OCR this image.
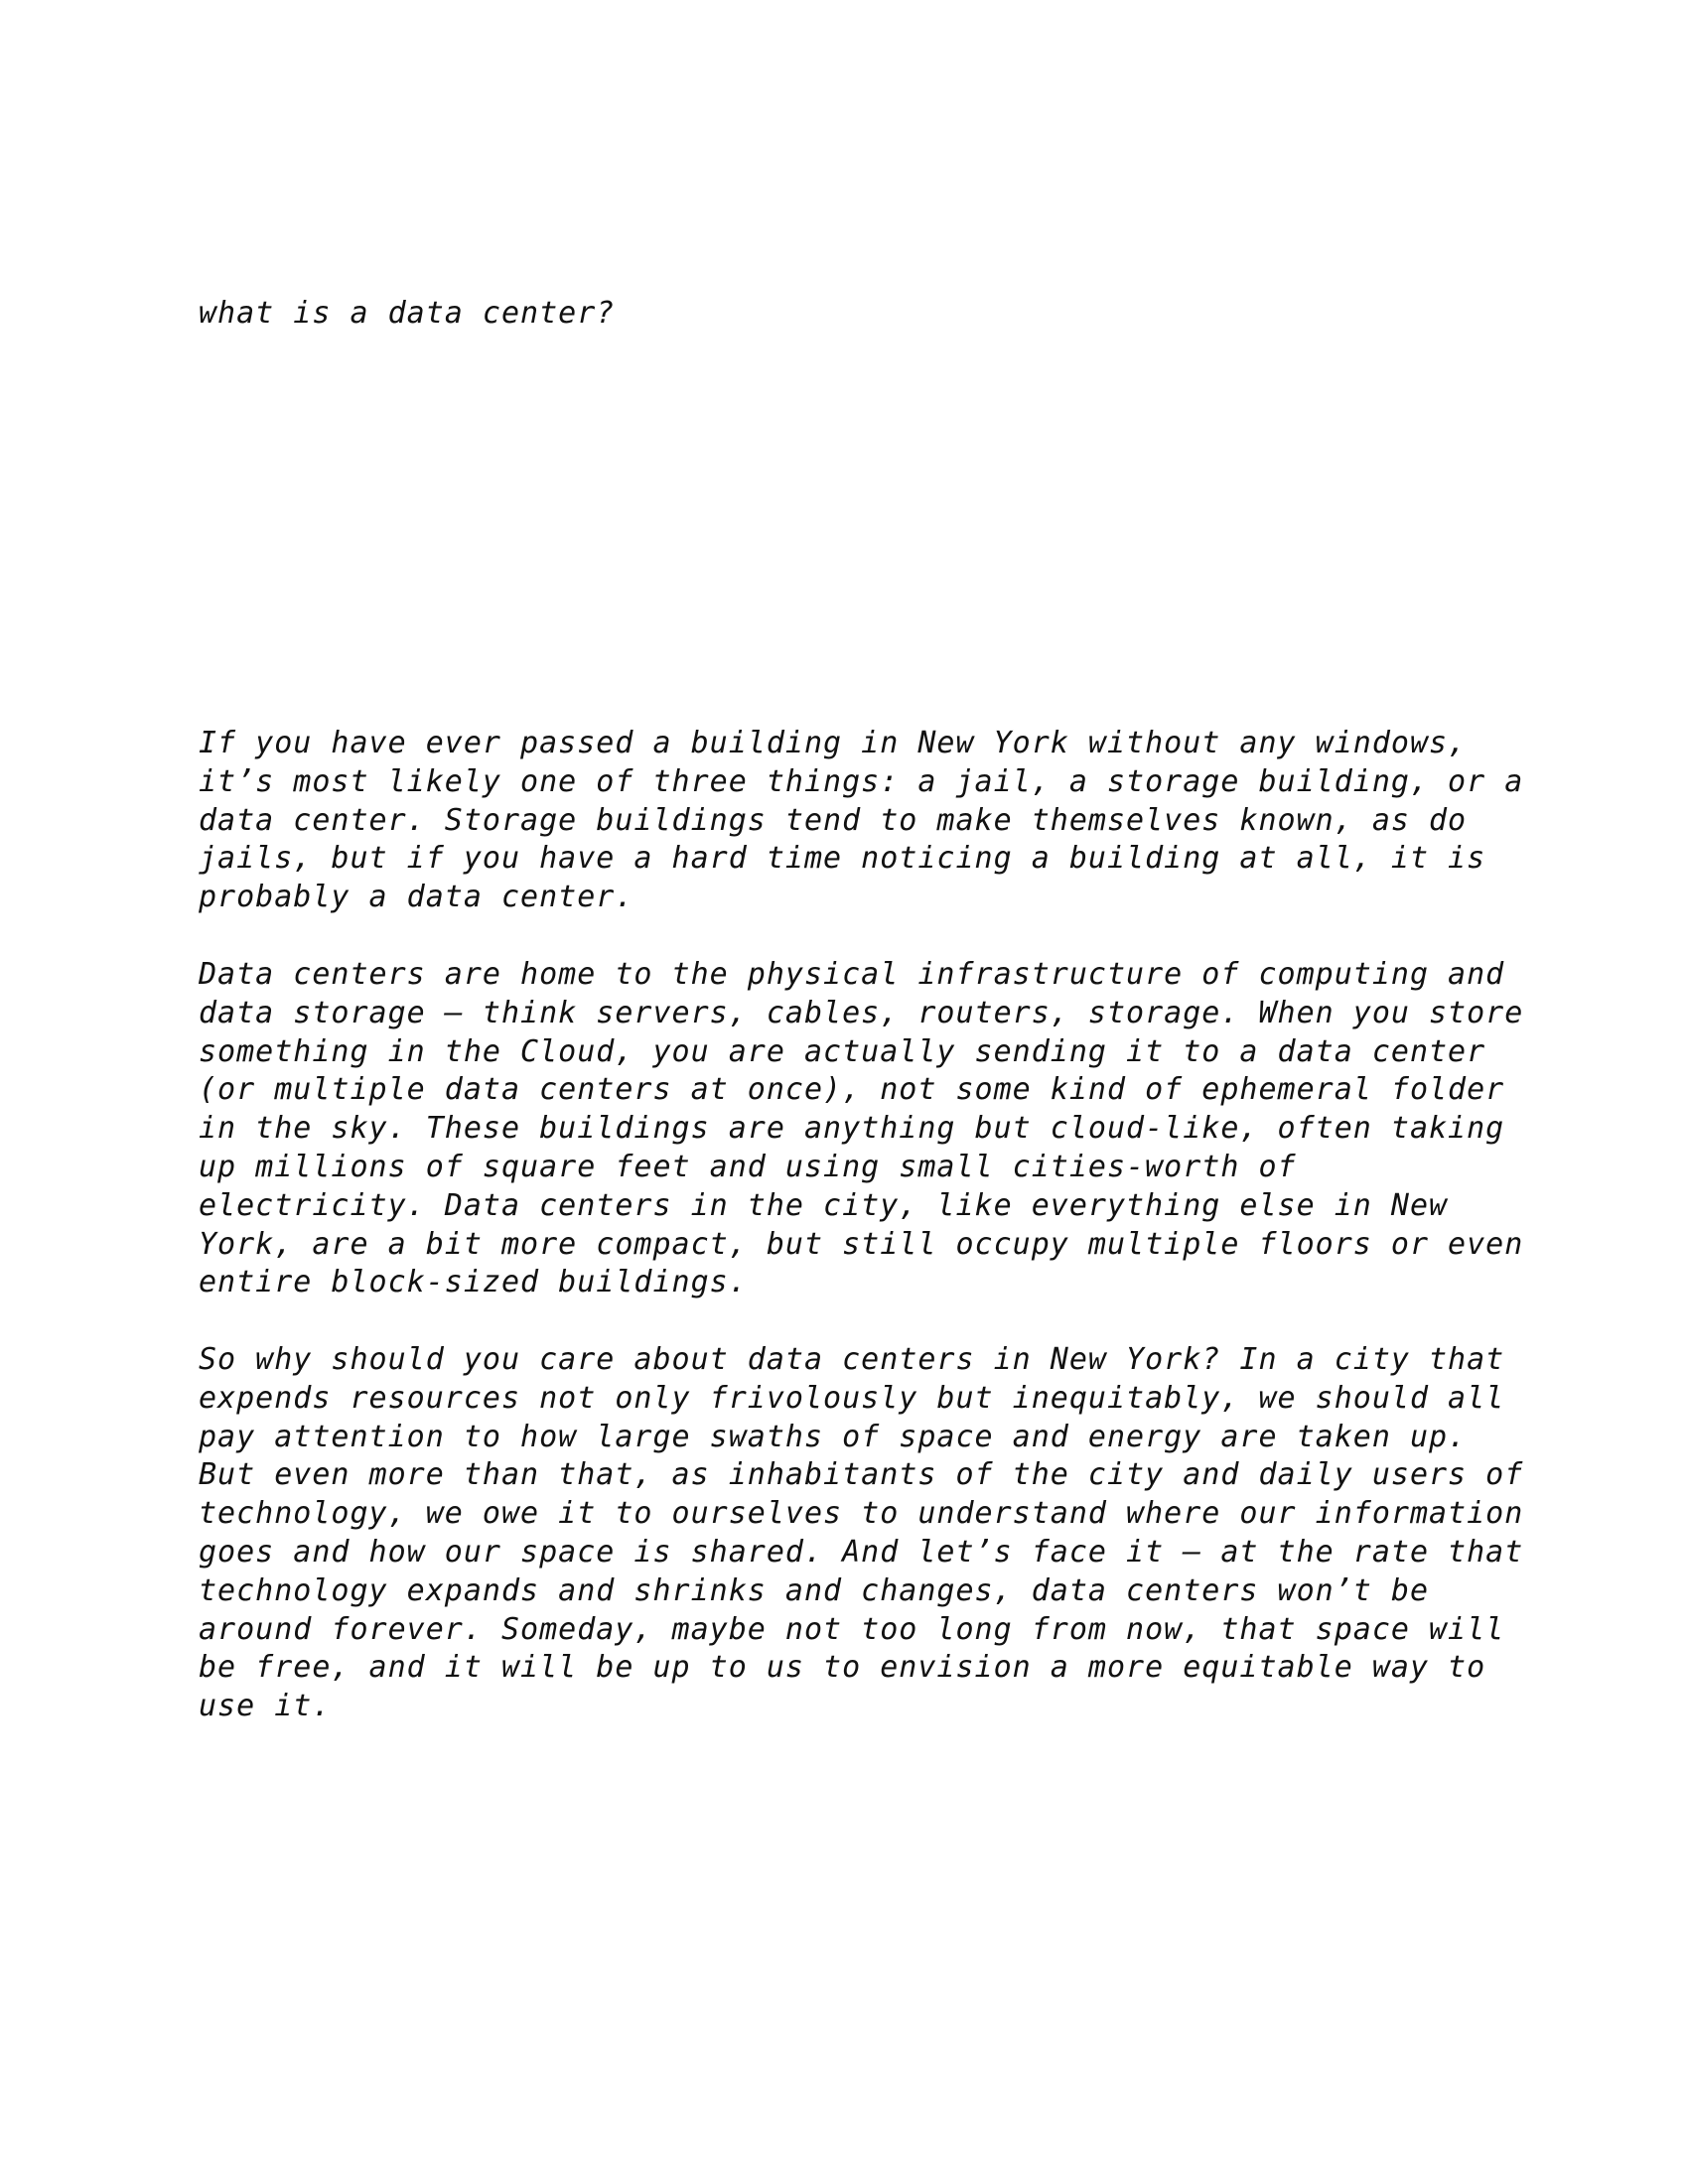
what is a data center?

If you have ever passed a building in New York without any windows,
it’s most likely one of three things: a jail, a storage building, or a
data center. Storage buildings tend to make themselves known, as do
jails, but if you have a hard time noticing a building at all, it is
probably a data center.

Data centers are home to the physical infrastructure of computing and
data storage — think servers, cables, routers, storage. When you store
something in the Cloud, you are actually sending it to a data center
(or multiple data centers at once), not some kind of ephemeral folder
in the sky. These buildings are anything but cloud-like, often taking
up millions of square feet and using small cities-worth of
electricity. Data centers in the city, like everything else in New
York, are a bit more compact, but still occupy multiple floors or even
entire block-sized buildings.

So why should you care about data centers in New York? In a city that
expends resources not only frivolously but inequitably, we should all
pay attention to how large swaths of space and energy are taken up.
But even more than that, as inhabitants of the city and daily users of
technology, we owe it to ourselves to understand where our information
goes and how our space is shared. And let’s face it — at the rate that
technology expands and shrinks and changes, data centers won’t be
around forever. Someday, maybe not too long from now, that space will
be free, and it will be up to us to envision a more equitable way to
use it.
